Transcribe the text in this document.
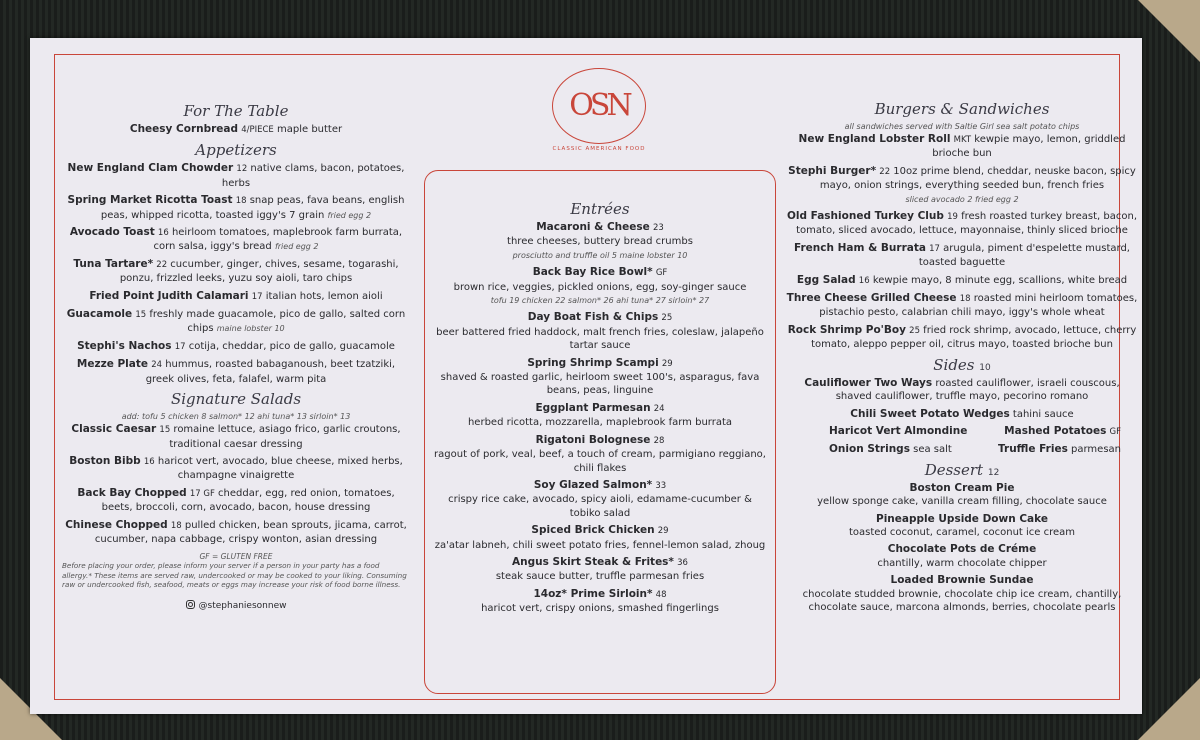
OSN
CLASSIC AMERICAN FOOD
For The Table
Cheesy Cornbread 4/PIECE maple butter
Appetizers
New England Clam Chowder 12 native clams, bacon, potatoes, herbs
Spring Market Ricotta Toast 18 snap peas, fava beans, english peas, whipped ricotta, toasted iggy's 7 grain fried egg 2
Avocado Toast 16 heirloom tomatoes, maplebrook farm burrata, corn salsa, iggy's bread fried egg 2
Tuna Tartare* 22 cucumber, ginger, chives, sesame, togarashi, ponzu, frizzled leeks, yuzu soy aioli, taro chips
Fried Point Judith Calamari 17 italian hots, lemon aioli
Guacamole 15 freshly made guacamole, pico de gallo, salted corn chips maine lobster 10
Stephi's Nachos 17 cotija, cheddar, pico de gallo, guacamole
Mezze Plate 24 hummus, roasted babaganoush, beet tzatziki, greek olives, feta, falafel, warm pita
Signature Salads
add: tofu 5 chicken 8 salmon* 12 ahi tuna* 13 sirloin* 13
Classic Caesar 15 romaine lettuce, asiago frico, garlic croutons, traditional caesar dressing
Boston Bibb 16 haricot vert, avocado, blue cheese, mixed herbs, champagne vinaigrette
Back Bay Chopped 17 GF cheddar, egg, red onion, tomatoes, beets, broccoli, corn, avocado, bacon, house dressing
Chinese Chopped 18 pulled chicken, bean sprouts, jicama, carrot, cucumber, napa cabbage, crispy wonton, asian dressing
GF = GLUTEN FREE
Before placing your order, please inform your server if a person in your party has a food allergy.* These items are served raw, undercooked or may be cooked to your liking. Consuming raw or undercooked fish, seafood, meats or eggs may increase your risk of food borne illness.
@stephaniesonnew
Entrées
Macaroni & Cheese 23
three cheeses, buttery bread crumbs
prosciutto and truffle oil 5 maine lobster 10
Back Bay Rice Bowl* GF
brown rice, veggies, pickled onions, egg, soy-ginger sauce
tofu 19 chicken 22 salmon* 26 ahi tuna* 27 sirloin* 27
Day Boat Fish & Chips 25
beer battered fried haddock, malt french fries, coleslaw, jalapeño tartar sauce
Spring Shrimp Scampi 29
shaved & roasted garlic, heirloom sweet 100's, asparagus, fava beans, peas, linguine
Eggplant Parmesan 24
herbed ricotta, mozzarella, maplebrook farm burrata
Rigatoni Bolognese 28
ragout of pork, veal, beef, a touch of cream, parmigiano reggiano, chili flakes
Soy Glazed Salmon* 33
crispy rice cake, avocado, spicy aioli, edamame-cucumber & tobiko salad
Spiced Brick Chicken 29
za'atar labneh, chili sweet potato fries, fennel-lemon salad, zhoug
Angus Skirt Steak & Frites* 36
steak sauce butter, truffle parmesan fries
14oz* Prime Sirloin* 48
haricot vert, crispy onions, smashed fingerlings
Burgers & Sandwiches
all sandwiches served with Saltie Girl sea salt potato chips
New England Lobster Roll MKT kewpie mayo, lemon, griddled brioche bun
Stephi Burger* 22 10oz prime blend, cheddar, neuske bacon, spicy mayo, onion strings, everything seeded bun, french fries
sliced avocado 2 fried egg 2
Old Fashioned Turkey Club 19 fresh roasted turkey breast, bacon, tomato, sliced avocado, lettuce, mayonnaise, thinly sliced brioche
French Ham & Burrata 17 arugula, piment d'espelette mustard, toasted baguette
Egg Salad 16 kewpie mayo, 8 minute egg, scallions, white bread
Three Cheese Grilled Cheese 18 roasted mini heirloom tomatoes, pistachio pesto, calabrian chili mayo, iggy's whole wheat
Rock Shrimp Po'Boy 25 fried rock shrimp, avocado, lettuce, cherry tomato, aleppo pepper oil, citrus mayo, toasted brioche bun
Sides 10
Cauliflower Two Ways roasted cauliflower, israeli couscous, shaved cauliflower, truffle mayo, pecorino romano
Chili Sweet Potato Wedges tahini sauce
Haricot Vert Almondine	Mashed Potatoes GF
Onion Strings sea salt	Truffle Fries parmesan
Dessert 12
Boston Cream Pie
yellow sponge cake, vanilla cream filling, chocolate sauce
Pineapple Upside Down Cake
toasted coconut, caramel, coconut ice cream
Chocolate Pots de Créme
chantilly, warm chocolate chipper
Loaded Brownie Sundae
chocolate studded brownie, chocolate chip ice cream, chantilly, chocolate sauce, marcona almonds, berries, chocolate pearls
